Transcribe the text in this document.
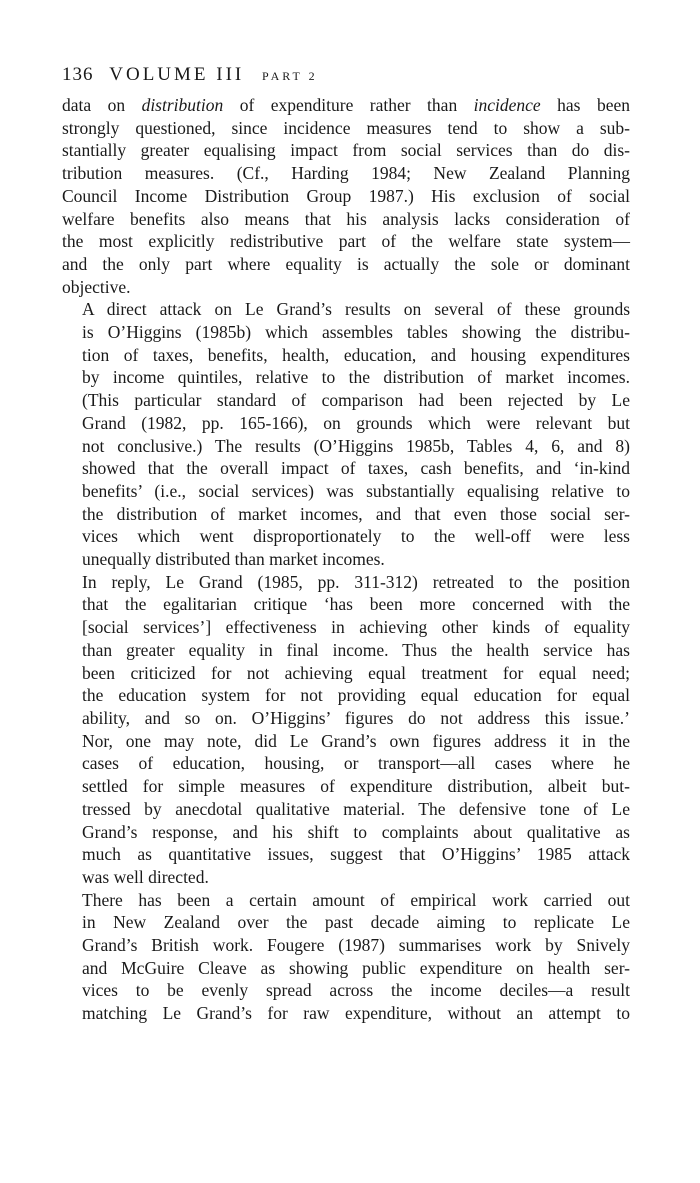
136 VOLUME III PART 2

data on distribution of expenditure rather than incidence has been
strongly questioned, since incidence measures tend to show a sub-
stantially greater equalising impact from social services than do dis-
tribution measures. (Cf., Harding 1984; New Zealand Planning
Council Income Distribution Group 1987.) His exclusion of social
welfare benefits also means that his analysis lacks consideration of
the most explicitly redistributive part of the welfare state system—
and the only part where equality is actually the sole or dominant
objective.

A direct attack on Le Grand’s results on several of these grounds
is O’Higgins (1985b) which assembles tables showing the distribu-
tion of taxes, benefits, health, education, and housing expenditures
by income quintiles, relative to the distribution of market incomes.
(This particular standard of comparison had been rejected by Le
Grand (1982, pp. 165-166), on grounds which were relevant but
not conclusive.) The results (O’Higgins 1985b, Tables 4, 6, and 8)
showed that the overall impact of taxes, cash benefits, and ‘in-kind
benefits’ (i.e., social services) was substantially equalising relative to
the distribution of market incomes, and that even those social ser-
vices which went disproportionately to the well-off were less
unequally distributed than market incomes.

In reply, Le Grand (1985, pp. 311-312) retreated to the position
that the egalitarian critique ‘has been more concerned with the
[social services’] effectiveness in achieving other kinds of equality
than greater equality in final income. Thus the health service has
been criticized for not achieving equal treatment for equal need;
the education system for not providing equal education for equal
ability, and so on. O’Higgins’ figures do not address this issue.’
Nor, one may note, did Le Grand’s own figures address it in the
cases of education, housing, or transport—all cases where he
settled for simple measures of expenditure distribution, albeit but-
tressed by anecdotal qualitative material. The defensive tone of Le
Grand’s response, and his shift to complaints about qualitative as
much as quantitative issues, suggest that O’Higgins’ 1985 attack
was well directed.

There has been a certain amount of empirical work carried out
in New Zealand over the past decade aiming to replicate Le
Grand’s British work. Fougere (1987) summarises work by Snively
and McGuire Cleave as showing public expenditure on health ser-
vices to be evenly spread across the income deciles—a result
matching Le Grand’s for raw expenditure, without an attempt to
